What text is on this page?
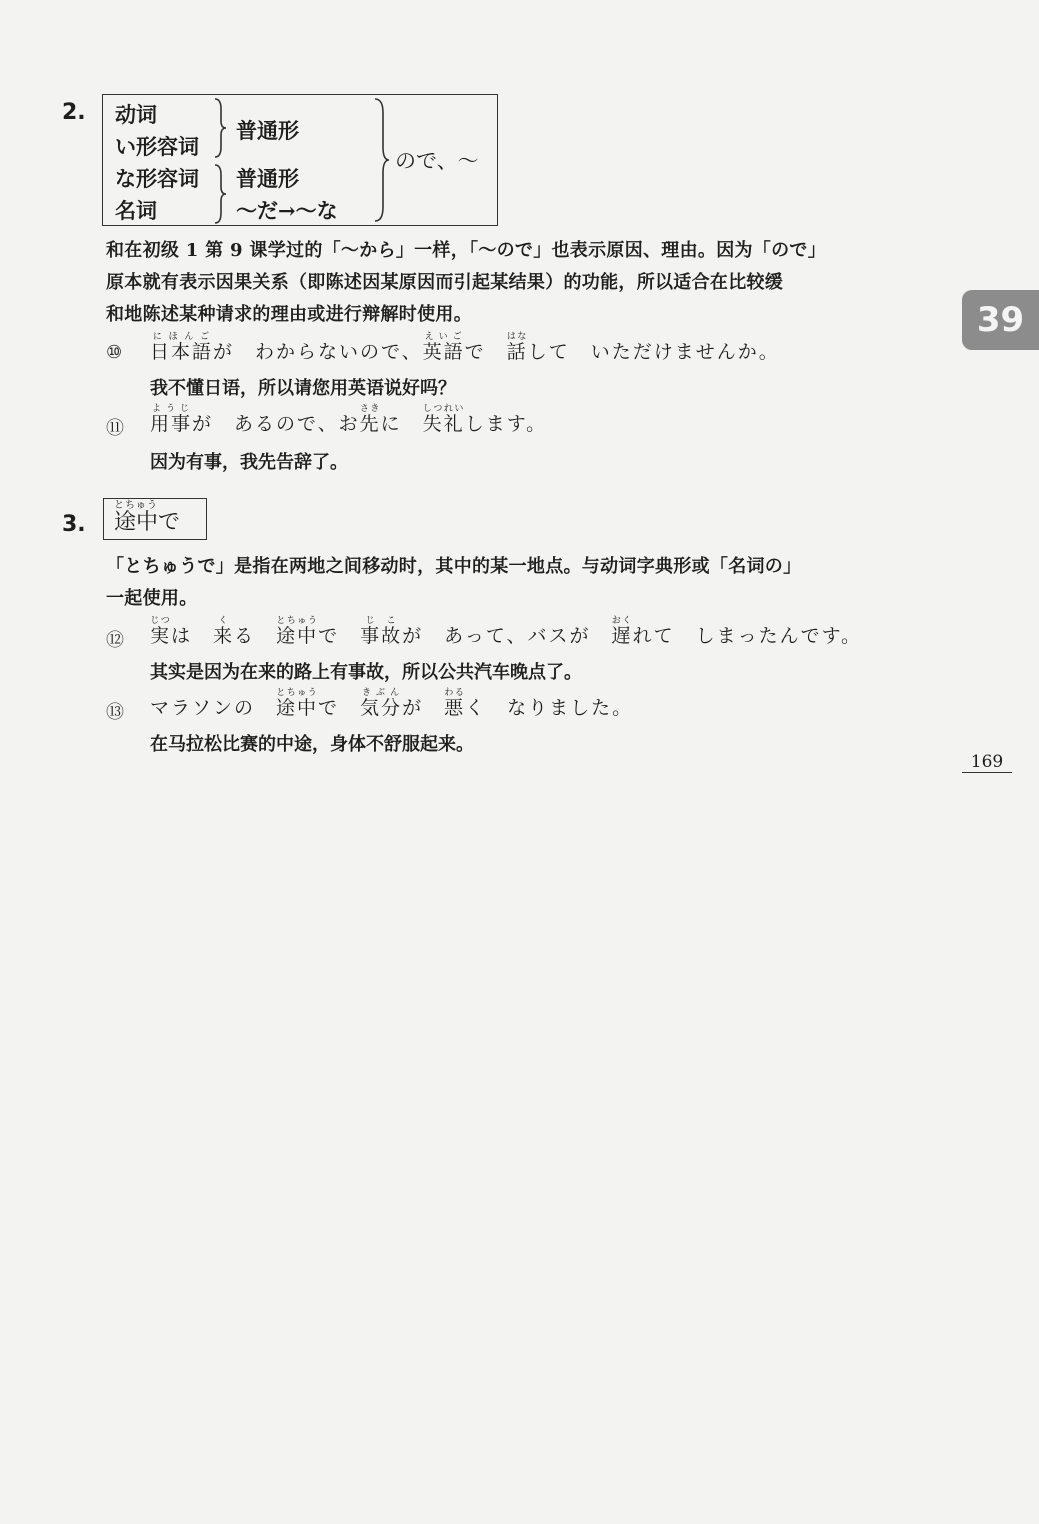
39
169
2. 动词
い形容词
な形容词
名词
普通形
普通形
～だ→～な
ので、～
和在初级 1 第 9 课学过的「～から」一样，「～ので」也表示原因、理由。因为「ので」
原本就有表示因果关系（即陈述因某原因而引起某结果）的功能，所以适合在比较缓
和地陈述某种请求的理由或进行辩解时使用。
⑩ 日本語にほんごが　わからないので、英語えいごで　話はなして　いただけませんか。
我不懂日语，所以请您用英语说好吗？
⑪ 用事ようじが　あるので、お先さきに　失礼しつれいします。
因为有事，我先告辞了。
3.	途中とちゅうで
「とちゅうで」是指在两地之间移动时，其中的某一地点。与动词字典形或「名词の」
一起使用。
⑫ 実じつは　来くる　途中とちゅうで　事故じこが　あって、バスが　遅おくれて　しまったんです。
其实是因为在来的路上有事故，所以公共汽车晚点了。
⑬ マラソンの　途中とちゅうで　気分きぶんが　悪わるく　なりました。
在马拉松比赛的中途，身体不舒服起来。
